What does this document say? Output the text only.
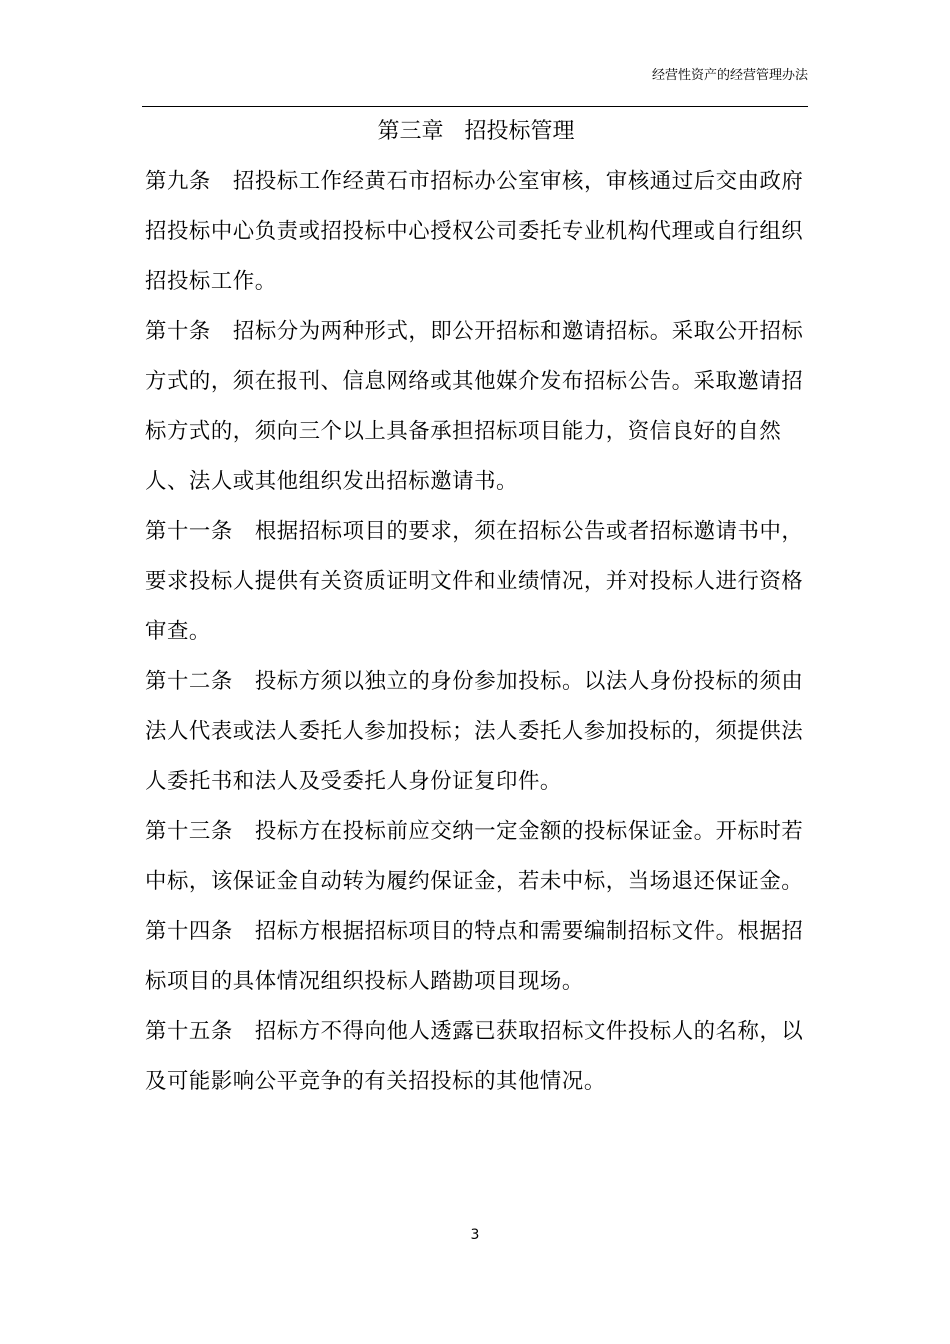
经营性资产的经营管理办法

第三章   招投标管理

第九条 招投标工作经黄石市招标办公室审核，审核通过后交由政府招投标中心负责或招投标中心授权公司委托专业机构代理或自行组织招投标工作。

第十条 招标分为两种形式，即公开招标和邀请招标。采取公开招标方式的，须在报刊、信息网络或其他媒介发布招标公告。采取邀请招标方式的，须向三个以上具备承担招标项目能力，资信良好的自然人、法人或其他组织发出招标邀请书。

第十一条 根据招标项目的要求，须在招标公告或者招标邀请书中，要求投标人提供有关资质证明文件和业绩情况，并对投标人进行资格审查。

第十二条 投标方须以独立的身份参加投标。以法人身份投标的须由法人代表或法人委托人参加投标；法人委托人参加投标的，须提供法人委托书和法人及受委托人身份证复印件。

第十三条 投标方在投标前应交纳一定金额的投标保证金。开标时若中标，该保证金自动转为履约保证金，若未中标，当场退还保证金。

第十四条 招标方根据招标项目的特点和需要编制招标文件。根据招标项目的具体情况组织投标人踏勘项目现场。

第十五条 招标方不得向他人透露已获取招标文件投标人的名称，以及可能影响公平竞争的有关招投标的其他情况。

3
